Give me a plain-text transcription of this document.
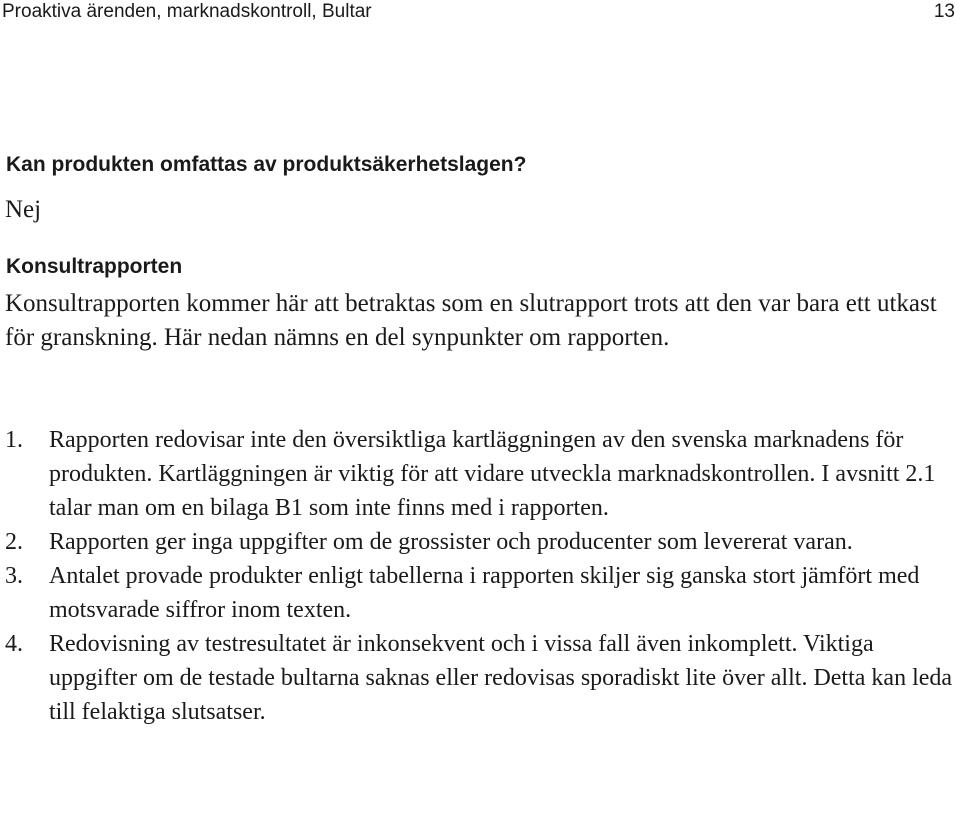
Proaktiva ärenden, marknadskontroll, Bultar	13
Kan produkten omfattas av produktsäkerhetslagen?
Nej
Konsultrapporten
Konsultrapporten kommer här att betraktas som en slutrapport trots att den var bara ett utkast för granskning. Här nedan nämns en del synpunkter om rapporten.
1. Rapporten redovisar inte den översiktliga kartläggningen av den svenska marknadens för produkten. Kartläggningen är viktig för att vidare utveckla marknadskontrollen. I avsnitt 2.1 talar man om en bilaga B1 som inte finns med i rapporten.
2. Rapporten ger inga uppgifter om de grossister och producenter som levererat varan.
3. Antalet provade produkter enligt tabellerna i rapporten skiljer sig ganska stort jämfört med motsvarade siffror inom texten.
4. Redovisning av testresultatet är inkonsekvent och i vissa fall även inkomplett. Viktiga uppgifter om de testade bultarna saknas eller redovisas sporadiskt lite över allt. Detta kan leda till felaktiga slutsatser.
